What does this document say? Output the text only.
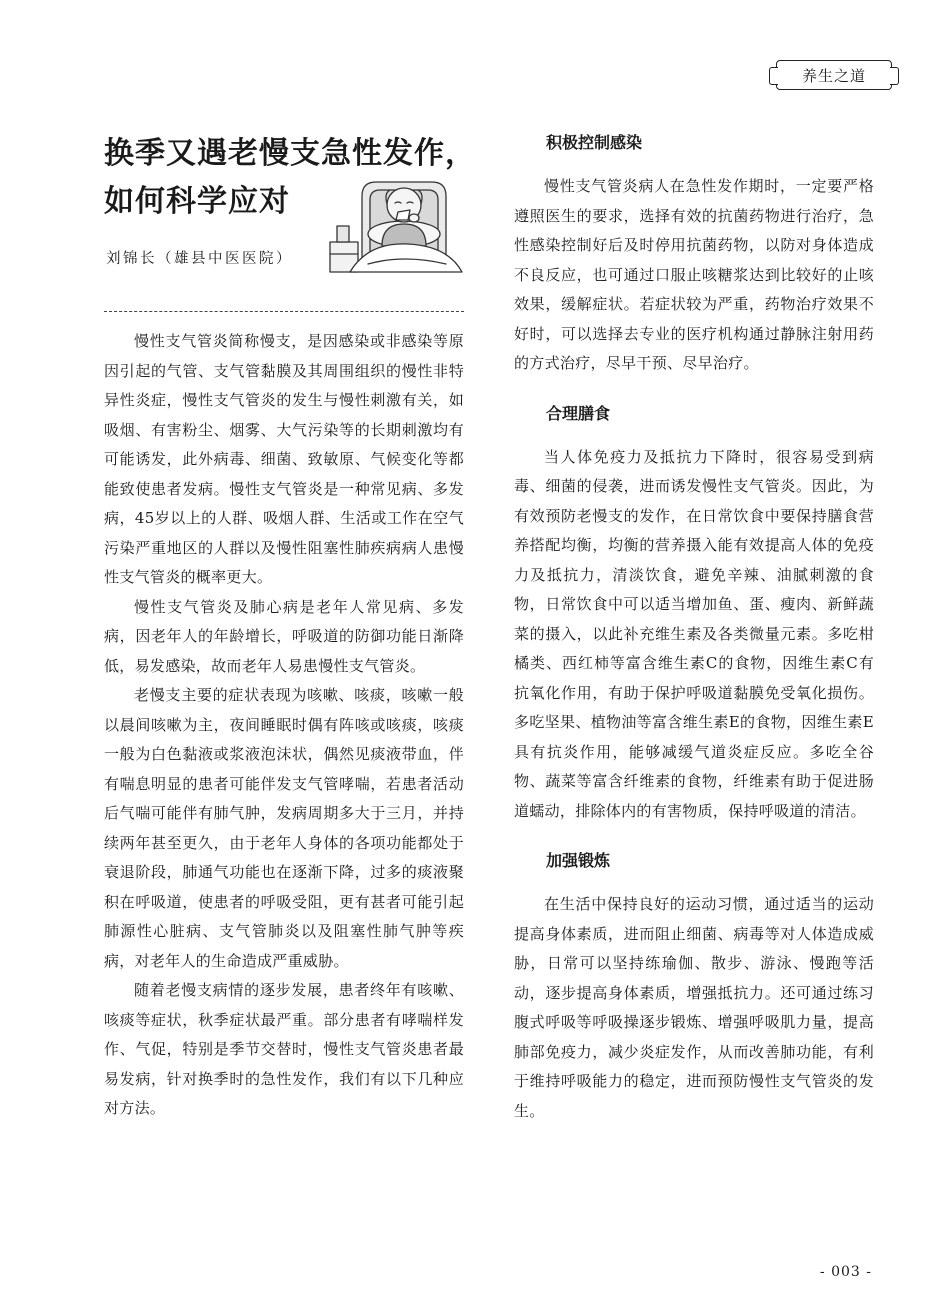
养生之道
换季又遇老慢支急性发作，
如何科学应对
刘锦长（雄县中医医院）

慢性支气管炎简称慢支，是因感染或非感染等原因引起的气管、支气管黏膜及其周围组织的慢性非特异性炎症，慢性支气管炎的发生与慢性刺激有关，如吸烟、有害粉尘、烟雾、大气污染等的长期刺激均有可能诱发，此外病毒、细菌、致敏原、气候变化等都能致使患者发病。慢性支气管炎是一种常见病、多发病，45岁以上的人群、吸烟人群、生活或工作在空气污染严重地区的人群以及慢性阻塞性肺疾病病人患慢性支气管炎的概率更大。

慢性支气管炎及肺心病是老年人常见病、多发病，因老年人的年龄增长，呼吸道的防御功能日渐降低，易发感染，故而老年人易患慢性支气管炎。

老慢支主要的症状表现为咳嗽、咳痰，咳嗽一般以晨间咳嗽为主，夜间睡眠时偶有阵咳或咳痰，咳痰一般为白色黏液或浆液泡沫状，偶然见痰液带血，伴有喘息明显的患者可能伴发支气管哮喘，若患者活动后气喘可能伴有肺气肿，发病周期多大于三月，并持续两年甚至更久，由于老年人身体的各项功能都处于衰退阶段，肺通气功能也在逐渐下降，过多的痰液聚积在呼吸道，使患者的呼吸受阻，更有甚者可能引起肺源性心脏病、支气管肺炎以及阻塞性肺气肿等疾病，对老年人的生命造成严重威胁。

随着老慢支病情的逐步发展，患者终年有咳嗽、咳痰等症状，秋季症状最严重。部分患者有哮喘样发作、气促，特别是季节交替时，慢性支气管炎患者最易发病，针对换季时的急性发作，我们有以下几种应对方法。

积极控制感染

慢性支气管炎病人在急性发作期时，一定要严格遵照医生的要求，选择有效的抗菌药物进行治疗，急性感染控制好后及时停用抗菌药物，以防对身体造成不良反应，也可通过口服止咳糖浆达到比较好的止咳效果，缓解症状。若症状较为严重，药物治疗效果不好时，可以选择去专业的医疗机构通过静脉注射用药的方式治疗，尽早干预、尽早治疗。

合理膳食

当人体免疫力及抵抗力下降时，很容易受到病毒、细菌的侵袭，进而诱发慢性支气管炎。因此，为有效预防老慢支的发作，在日常饮食中要保持膳食营养搭配均衡，均衡的营养摄入能有效提高人体的免疫力及抵抗力，清淡饮食，避免辛辣、油腻刺激的食物，日常饮食中可以适当增加鱼、蛋、瘦肉、新鲜蔬菜的摄入，以此补充维生素及各类微量元素。多吃柑橘类、西红柿等富含维生素C的食物，因维生素C有抗氧化作用，有助于保护呼吸道黏膜免受氧化损伤。多吃坚果、植物油等富含维生素E的食物，因维生素E具有抗炎作用，能够减缓气道炎症反应。多吃全谷物、蔬菜等富含纤维素的食物，纤维素有助于促进肠道蠕动，排除体内的有害物质，保持呼吸道的清洁。

加强锻炼

在生活中保持良好的运动习惯，通过适当的运动提高身体素质，进而阻止细菌、病毒等对人体造成威胁，日常可以坚持练瑜伽、散步、游泳、慢跑等活动，逐步提高身体素质，增强抵抗力。还可通过练习腹式呼吸等呼吸操逐步锻炼、增强呼吸肌力量，提高肺部免疫力，减少炎症发作，从而改善肺功能，有利于维持呼吸能力的稳定，进而预防慢性支气管炎的发生。

- 003 -
